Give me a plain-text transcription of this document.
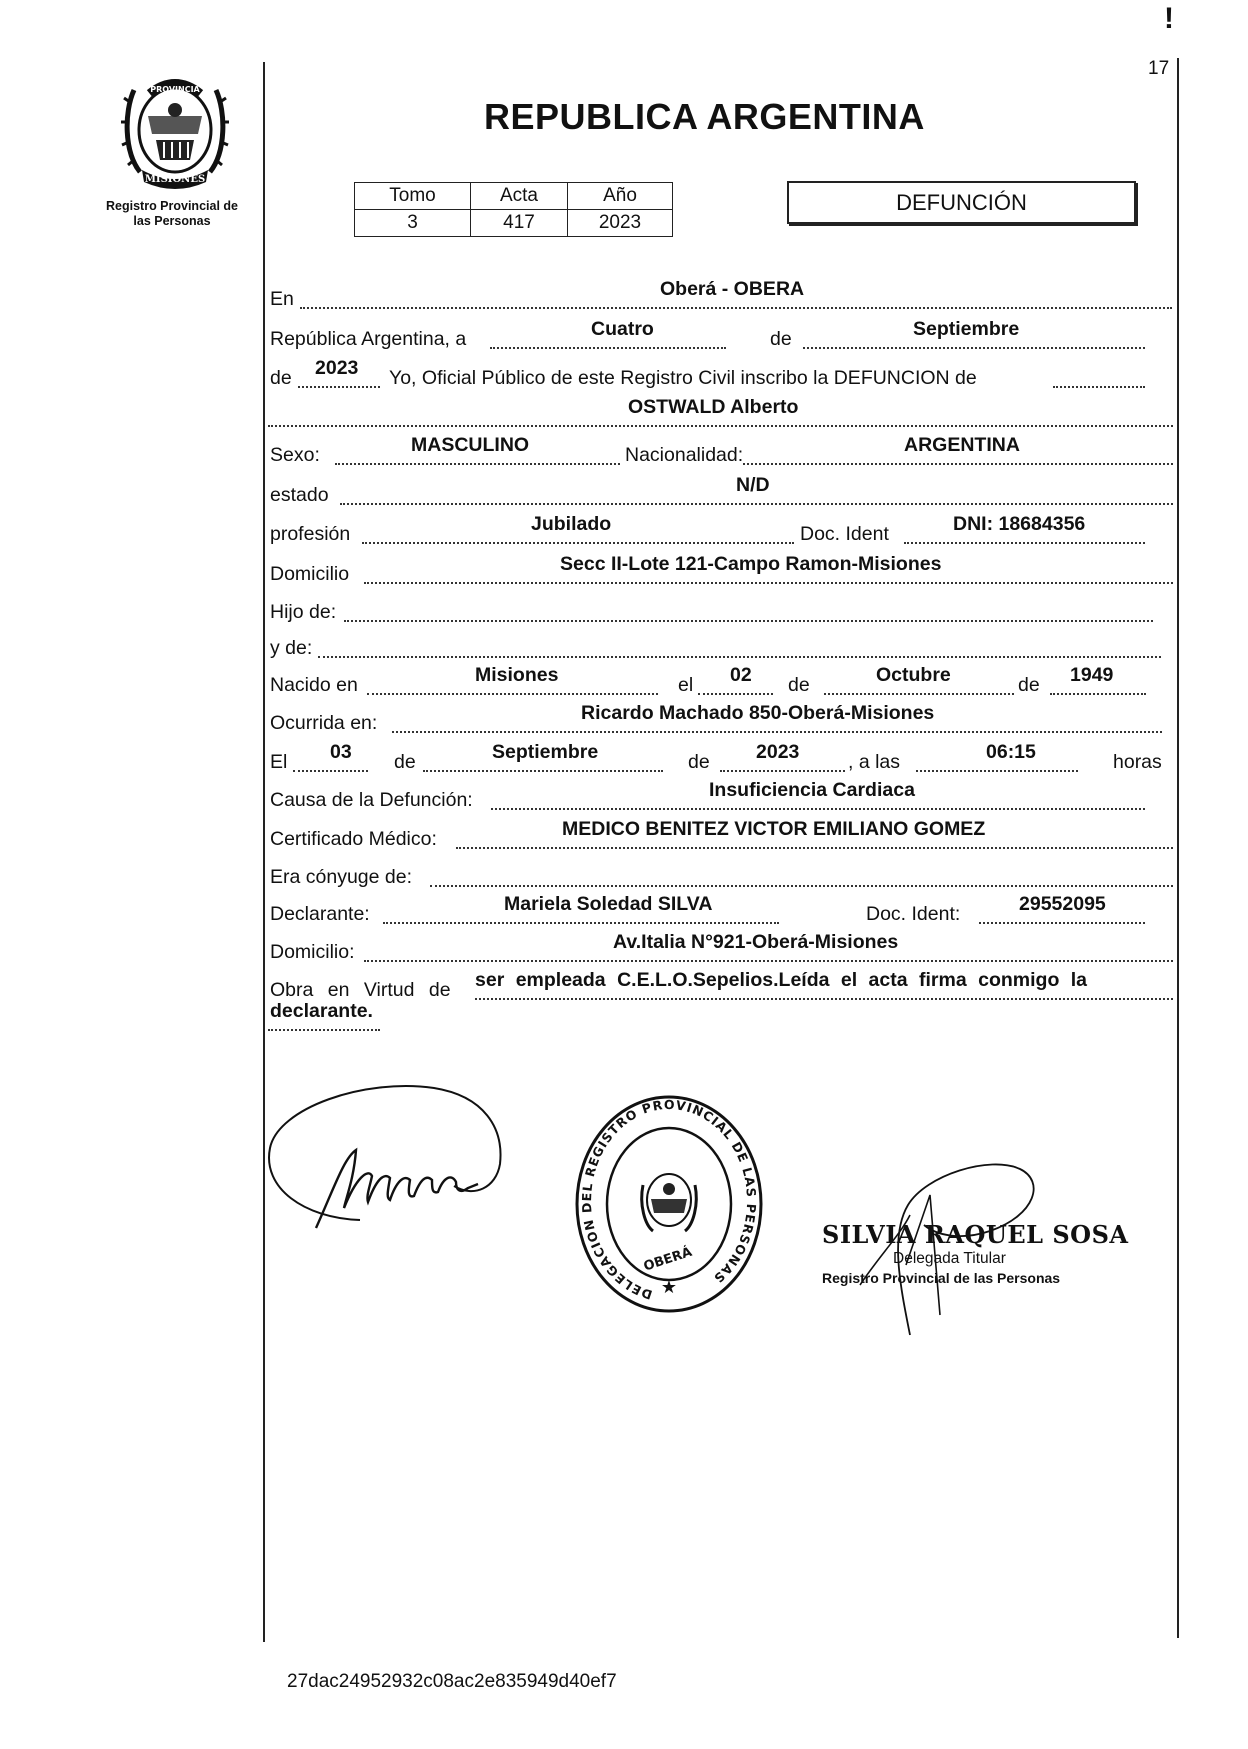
!
17
PROVINCIA
MISIONES
Registro Provincial de
las Personas
REPUBLICA ARGENTINA
Tomo	Acta	Año
3	417	2023
DEFUNCIÓN
En	Oberá - OBERA
República Argentina, a	Cuatro	de	Septiembre
de 2023 Yo, Oficial Público de este Registro Civil inscribo la DEFUNCION de
OSTWALD Alberto
Sexo:	MASCULINO	Nacionalidad:	ARGENTINA
estado	N/D
profesión	Jubilado	Doc. Ident	DNI: 18684356
Domicilio	Secc II-Lote 121-Campo Ramon-Misiones
Hijo de:
y de:
Nacido en	Misiones	el 02 de	Octubre	de 1949
Ocurrida en:	Ricardo Machado 850-Oberá-Misiones
El 03 de	Septiembre	de 2023 , a las	06:15	horas
Causa de la Defunción:	Insuficiencia Cardiaca
Certificado Médico:	MEDICO BENITEZ VICTOR EMILIANO GOMEZ
Era cónyuge de:
Declarante:	Mariela Soledad SILVA	Doc. Ident:	29552095
Domicilio:	Av.Italia N°921-Oberá-Misiones
Obra en Virtud de ser empleada C.E.L.O.Sepelios.Leída el acta firma conmigo la
declarante.
DELEGACION DEL REGISTRO PROVINCIAL DE LAS PERSONAS
OBERÁ
★
SILVIA RAQUEL SOSA
Delegada Titular
Registro Provincial de las Personas
27dac24952932c08ac2e835949d40ef7
